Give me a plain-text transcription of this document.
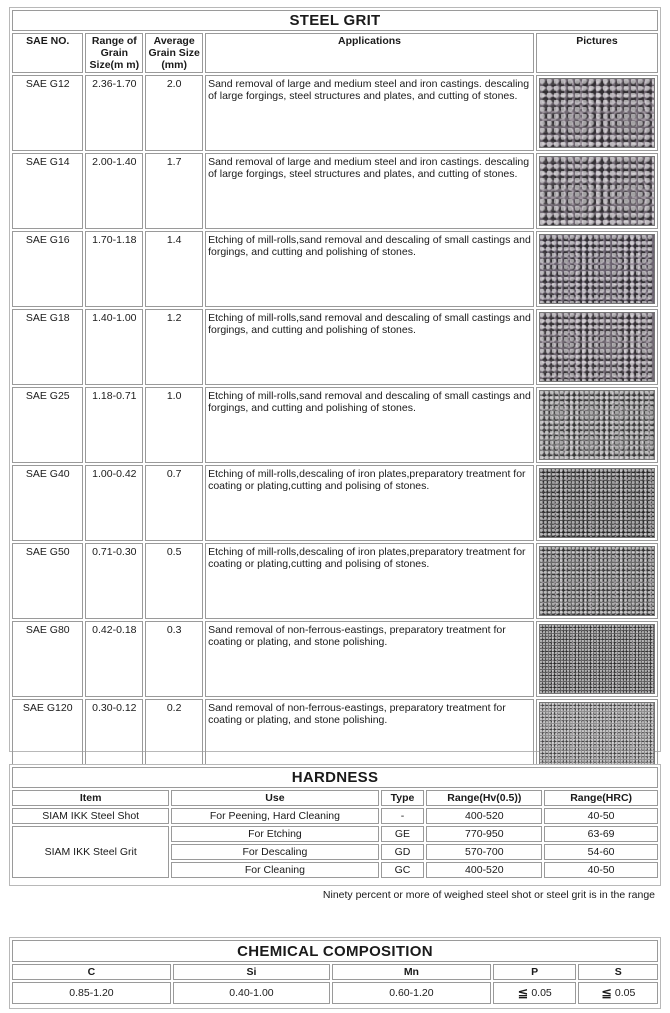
STEEL GRIT				
SAE NO.	Range of Grain Size(m m)	Average Grain Size (mm)	Applications	Pictures
SAE G12	2.36-1.70	2.0	Sand removal of large and medium steel and iron castings. descaling of large forgings, steel structures and plates, and cutting of stones.	

SAE G14	2.00-1.40	1.7	Sand removal of large and medium steel and iron castings. descaling of large forgings, steel structures and plates, and cutting of stones.	

SAE G16	1.70-1.18	1.4	Etching of mill-rolls,sand removal and descaling of small castings and forgings, and cutting and polishing of stones.	

SAE G18	1.40-1.00	1.2	Etching of mill-rolls,sand removal and descaling of small castings and forgings, and cutting and polishing of stones.	

SAE G25	1.18-0.71	1.0	Etching of mill-rolls,sand removal and descaling of small castings and forgings, and cutting and polishing of stones.	

SAE G40	1.00-0.42	0.7	Etching of mill-rolls,descaling of iron plates,preparatory treatment for coating or plating,cutting and polising of stones.	

SAE G50	0.71-0.30	0.5	Etching of mill-rolls,descaling of iron plates,preparatory treatment for coating or plating,cutting and polising of stones.	

SAE G80	0.42-0.18	0.3	Sand removal of non-ferrous-eastings, preparatory treatment for coating or plating, and stone polishing.	

SAE G120	0.30-0.12	0.2	Sand removal of non-ferrous-eastings, preparatory treatment for coating or plating, and stone polishing.	
HARDNESS				
Item	Use	Type	Range(Hv(0.5))	Range(HRC)
SIAM IKK Steel Shot	For Peening, Hard Cleaning	-	400-520	40-50
SIAM IKK Steel Grit	For Etching	GE	770-950	63-69
	For Descaling	GD	570-700	54-60
	For Cleaning	GC	400-520	40-50
Ninety percent or more of weighed steel shot or steel grit is in the range
CHEMICAL COMPOSITION				
C	Si	Mn	P	S
0.85-1.20	0.40-1.00	0.60-1.20	≦ 0.05	≦ 0.05
